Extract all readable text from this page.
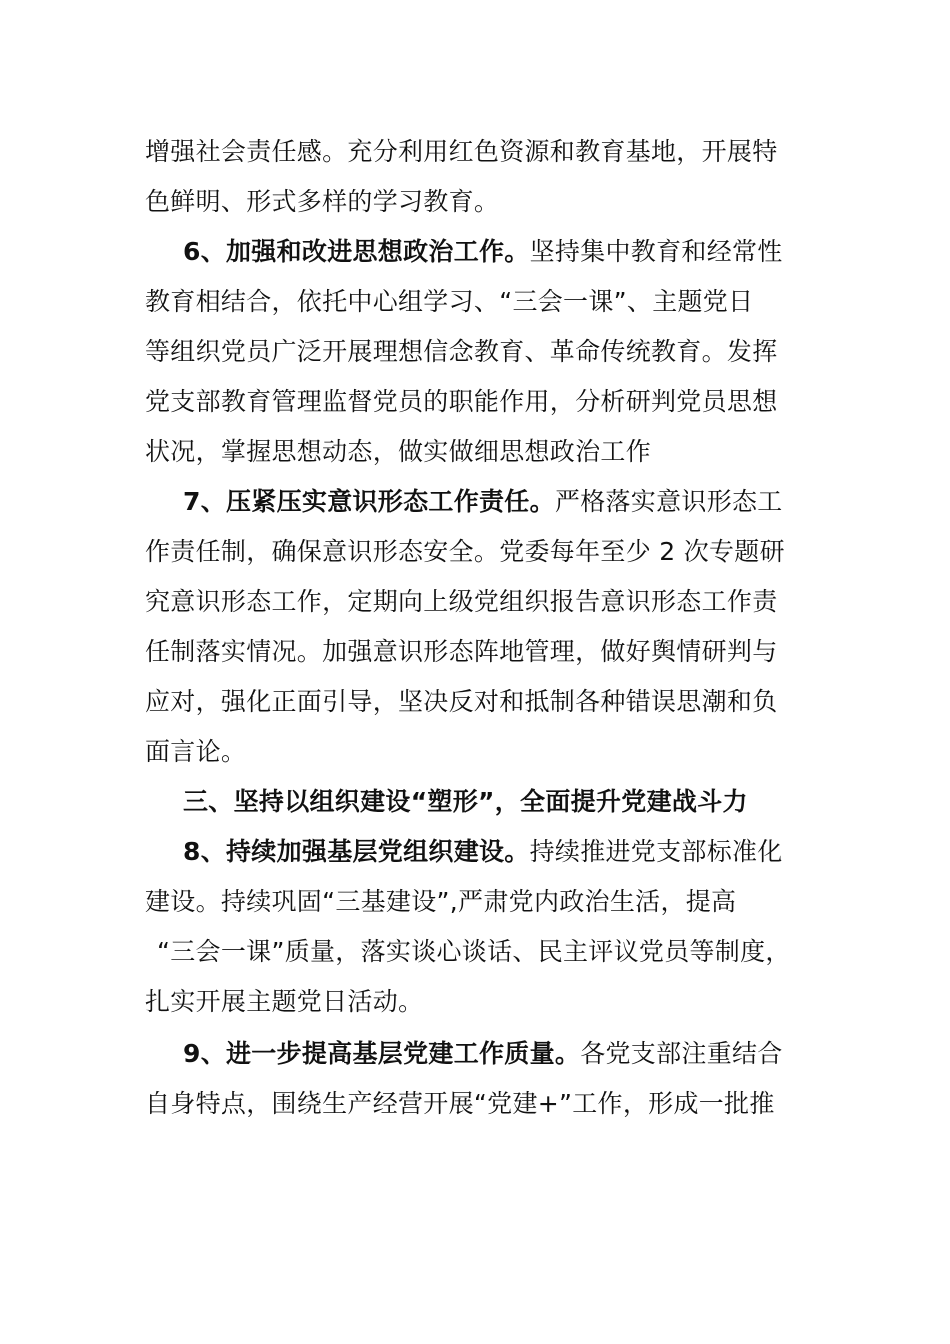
增强社会责任感。充分利用红色资源和教育基地，开展特
色鲜明、形式多样的学习教育。
6、加强和改进思想政治工作。坚持集中教育和经常性
教育相结合，依托中心组学习、“三会一课”、主题党日
等组织党员广泛开展理想信念教育、革命传统教育。发挥
党支部教育管理监督党员的职能作用，分析研判党员思想
状况，掌握思想动态，做实做细思想政治工作
7、压紧压实意识形态工作责任。严格落实意识形态工
作责任制，确保意识形态安全。党委每年至少 2 次专题研
究意识形态工作，定期向上级党组织报告意识形态工作责
任制落实情况。加强意识形态阵地管理，做好舆情研判与
应对，强化正面引导，坚决反对和抵制各种错误思潮和负
面言论。
三、坚持以组织建设“塑形”，全面提升党建战斗力
8、持续加强基层党组织建设。持续推进党支部标准化
建设。持续巩固“三基建设”,严肃党内政治生活，提高
“三会一课”质量，落实谈心谈话、民主评议党员等制度，
扎实开展主题党日活动。
9、进一步提高基层党建工作质量。各党支部注重结合
自身特点，围绕生产经营开展“党建+”工作，形成一批推
